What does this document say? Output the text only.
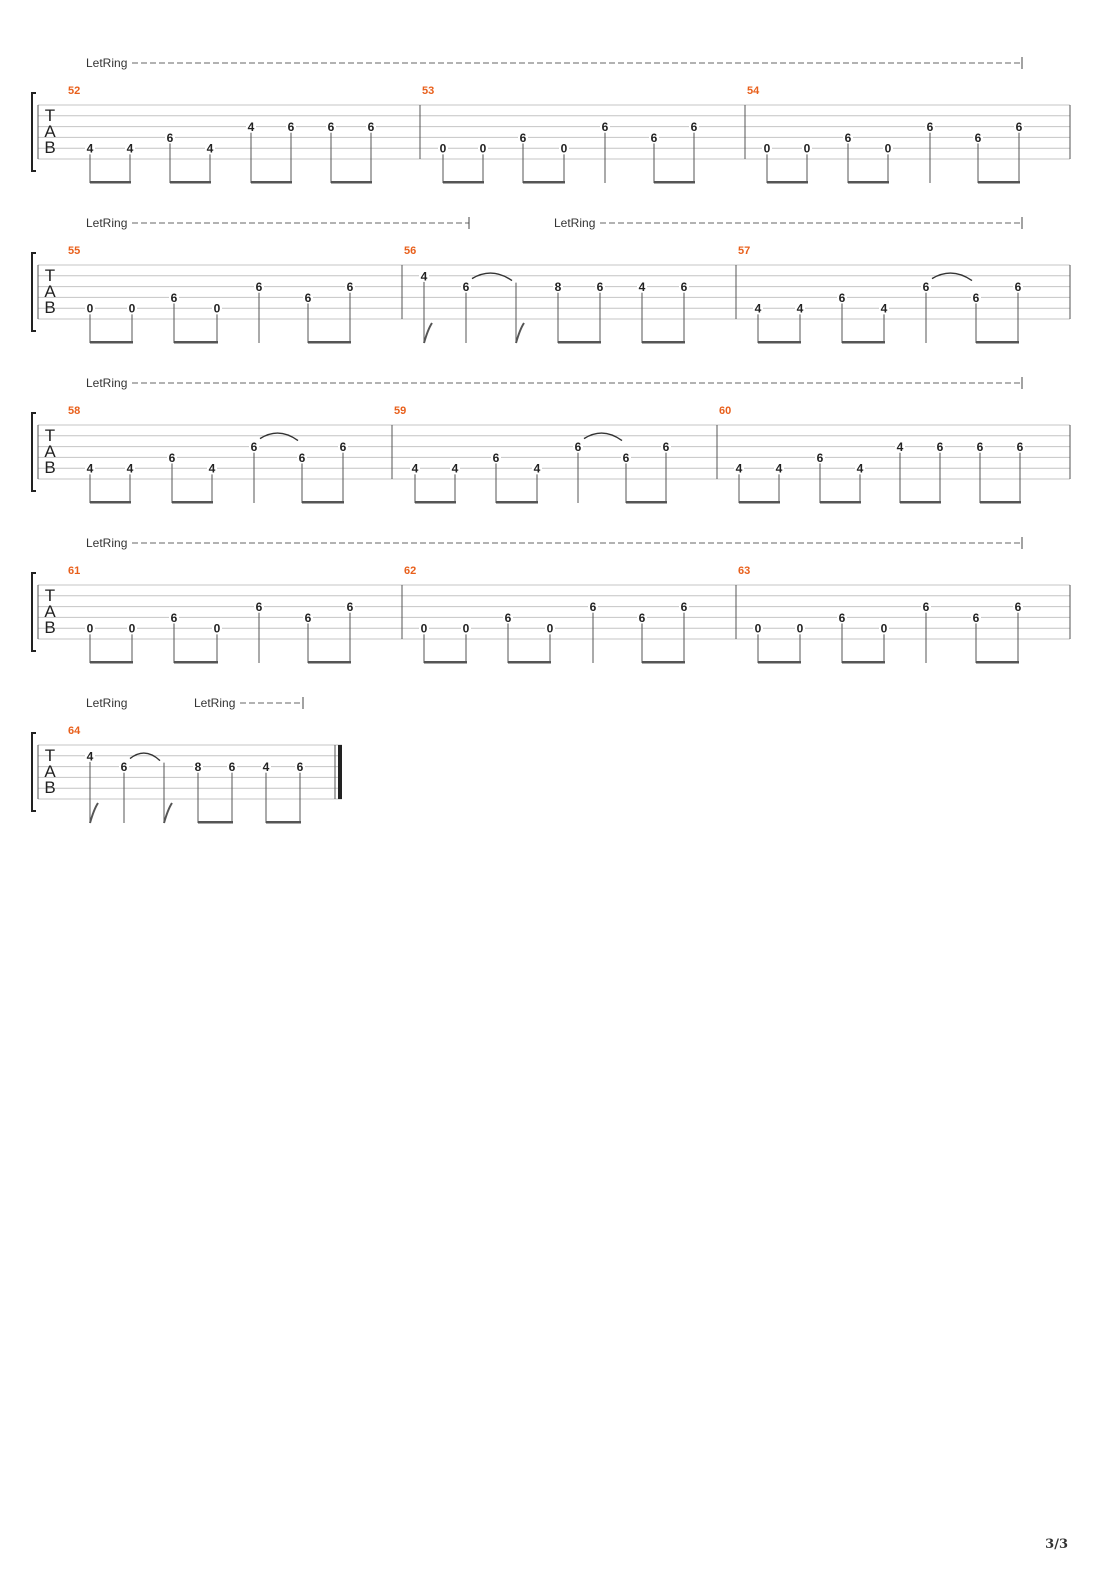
T
A
B
LetRing
52
4	4
6
4
4	6	6	6
53
0	0
6
0
6
6
6
54
0	0
6
0
6
6
6
T
A
B
LetRing	LetRing
55
0	0
6
0
6
6
6
56
4
6	8	6	4	6
57
4	4
6
4
6
6
6
T
A
B
LetRing
58
4	4
6
4
6
6
6
59
4	4
6
4
6
6
6
60
4	4
6
4
4	6	6	6
T
A
B
LetRing
61
0	0
6
0
6
6
6
62
0	0
6
0
6
6
6
63
0	0
6
0
6
6
6
T
A
B
LetRing	LetRing
64
4
6	8 6 4 6
3/3
